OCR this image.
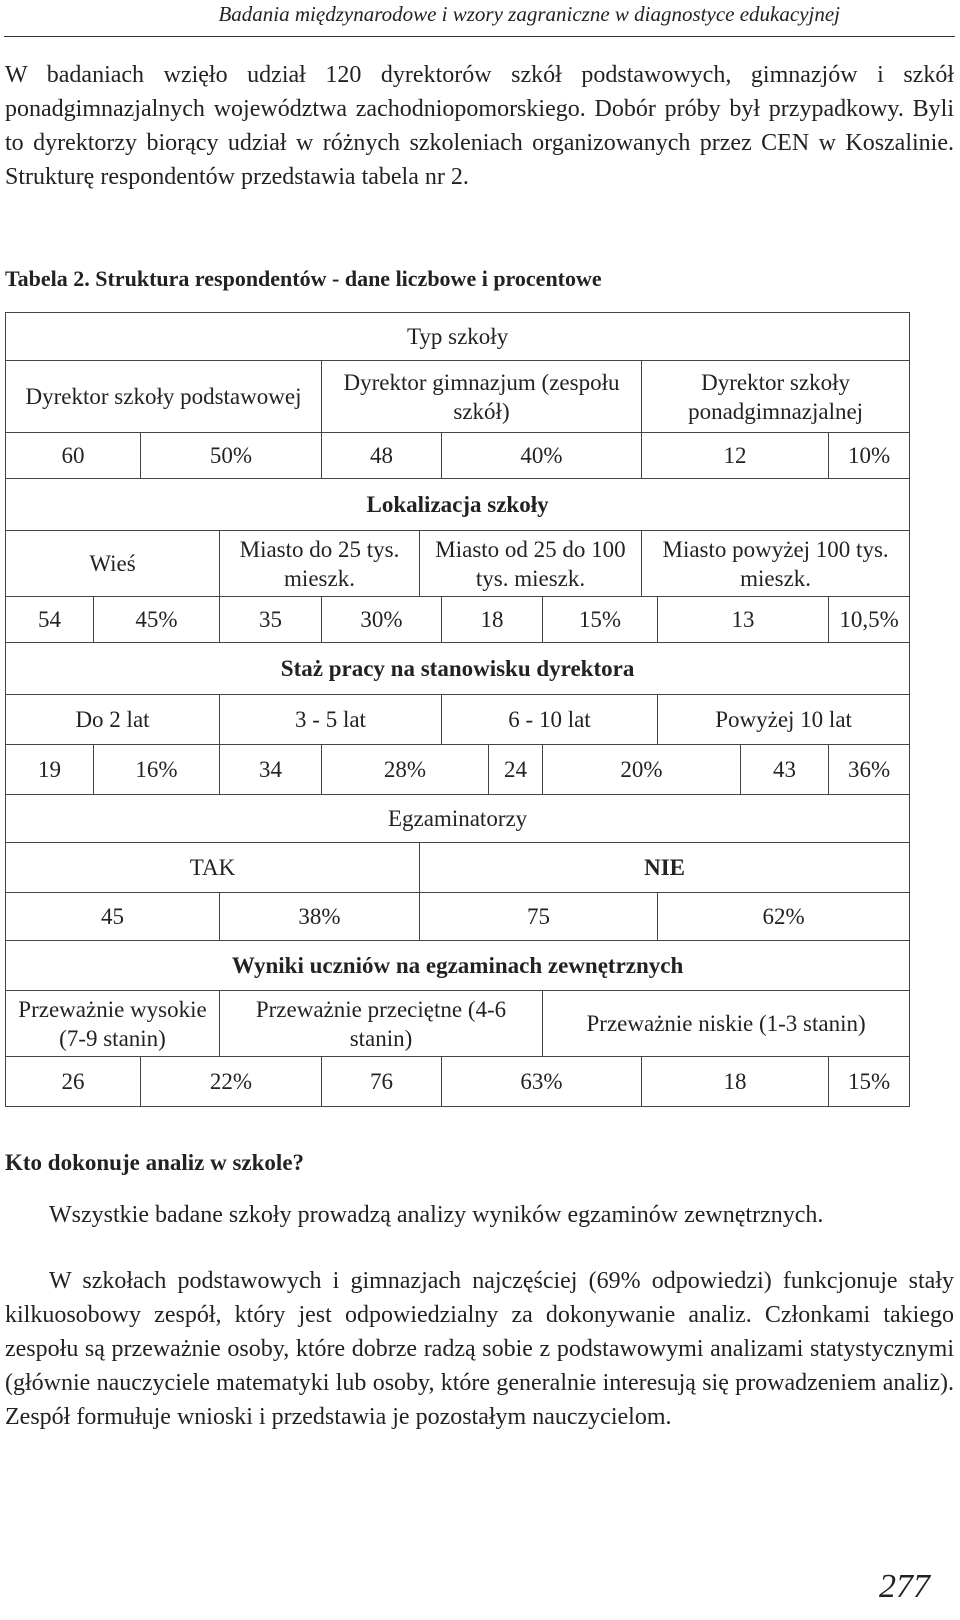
Badania międzynarodowe i wzory zagraniczne w diagnostyce edukacyjnej

W badaniach wzięło udział 120 dyrektorów szkół podstawowych, gimnazjów i szkół ponadgimnazjalnych województwa zachodniopomorskiego. Dobór próby był przypadkowy. Byli to dyrektorzy biorący udział w różnych szkoleniach organizowanych przez CEN w Koszalinie. Strukturę respondentów przedstawia tabela nr 2.

Tabela 2. Struktura respondentów - dane liczbowe i procentowe
Typ szkoły												
Dyrektor szkoły podstawowej				Dyrektor gimnazjum (zespołu szkół)					Dyrektor szkoły ponadgimnazjalnej			
60		50%		48		40%			12			10%
Lokalizacja szkoły												
Wieś			Miasto do 25 tys. mieszk.		Miasto od 25 do 100 tys. mieszk.				Miasto powyżej 100 tys. mieszk.			
54	45%		35	30%		18		15%		13		10,5%
Staż pracy na stanowisku dyrektora												
Do 2 lat			3 - 5 lat			6 - 10 lat				Powyżej 10 lat		
19	16%		34	28%			24	20%			43	36%
Egzaminatorzy												
TAK					NIE							
45			38%		75					62%		
Wyniki uczniów na egzaminach zewnętrznych												
Przeważnie wysokie (7-9 stanin)			Przeważnie przeciętne (4-6 stanin)					Przeważnie niskie (1-3 stanin)				
26		22%		76		63%			18			15%
Kto dokonuje analiz w szkole?

Wszystkie badane szkoły prowadzą analizy wyników egzaminów zewnętrznych.

W szkołach podstawowych i gimnazjach najczęściej (69% odpowiedzi) funkcjonuje stały kilkuosobowy zespół, który jest odpowiedzialny za dokonywanie analiz. Członkami takiego zespołu są przeważnie osoby, które dobrze radzą sobie z podstawowymi analizami statystycznymi (głównie nauczyciele matematyki lub osoby, które generalnie interesują się prowadzeniem analiz). Zespół formułuje wnioski i przedstawia je pozostałym nauczycielom.

277
